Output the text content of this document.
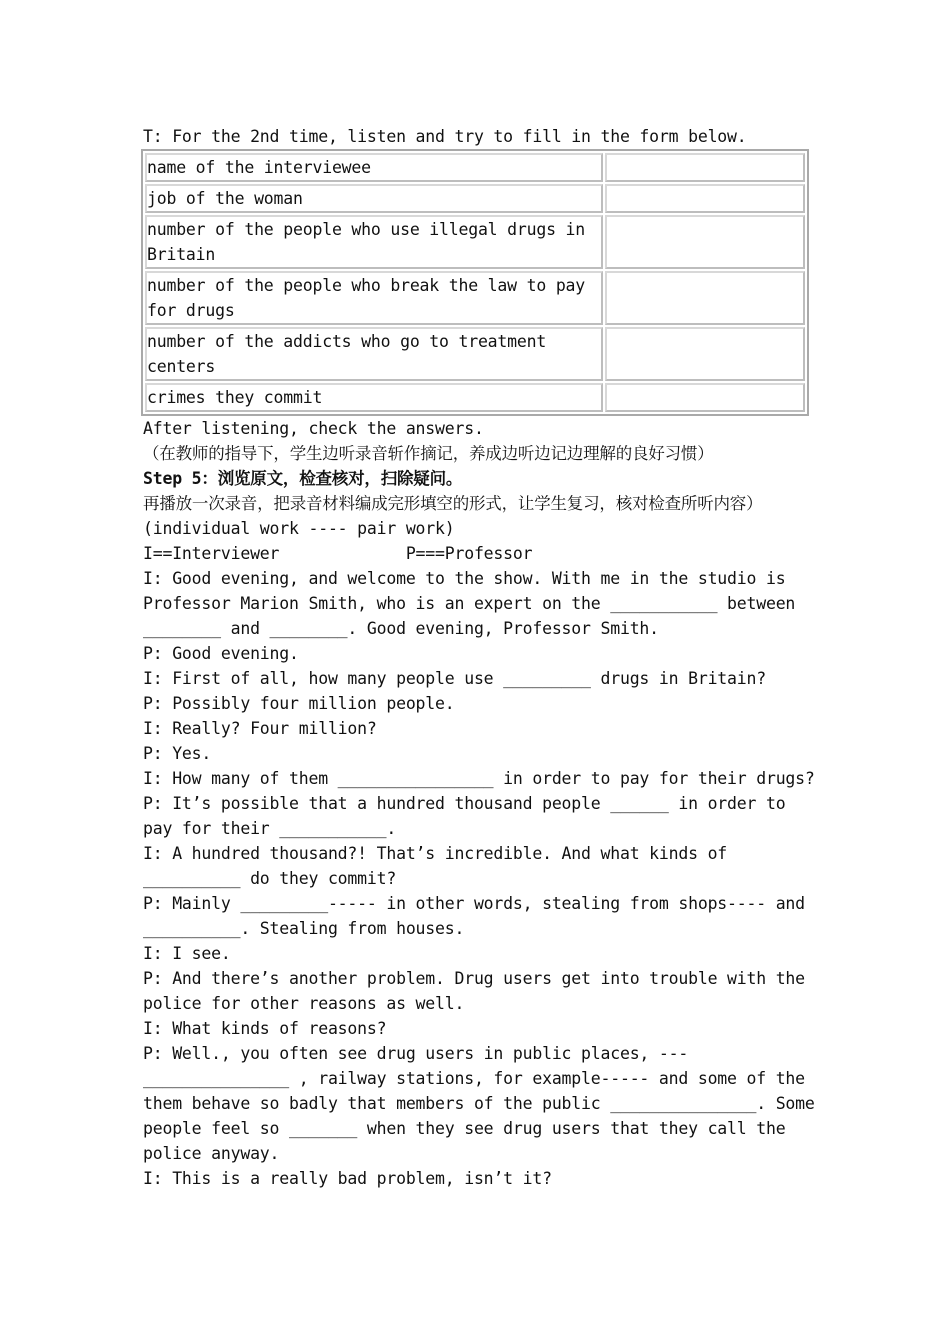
T: For the 2nd time, listen and try to fill in the form below.
name of the interviewee	
job of the woman	
number of the people who use illegal drugs in Britain	
number of the people who break the law to pay for drugs	
number of the addicts who go to treatment centers	
crimes they commit	
After listening, check the answers.
（在教师的指导下，学生边听录音斩作摘记，养成边听边记边理解的良好习惯）
Step 5：浏览原文，检查核对，扫除疑问。
再播放一次录音，把录音材料编成完形填空的形式，让学生复习，核对检查所听内容）(individual work ---- pair work)
I==Interviewer             P===Professor
I: Good evening, and welcome to the show. With me in the studio is
Professor Marion Smith, who is an expert on the ___________ between
________ and ________. Good evening, Professor Smith.
P: Good evening.
I: First of all, how many people use _________ drugs in Britain?
P: Possibly four million people.
I: Really? Four million?
P: Yes.
I: How many of them ________________ in order to pay for their drugs?
P: It’s possible that a hundred thousand people ______ in order to
pay for their ___________.
I: A hundred thousand?! That’s incredible. And what kinds of
__________ do they commit?
P: Mainly _________----- in other words, stealing from shops---- and
__________. Stealing from houses.
I: I see.
P: And there’s another problem. Drug users get into trouble with the
police for other reasons as well.
I: What kinds of reasons?
P: Well., you often see drug users in public places, ---
_______________ , railway stations, for example----- and some of the
them behave so badly that members of the public _______________. Some
people feel so _______ when they see drug users that they call the
police anyway.
I: This is a really bad problem, isn’t it?
